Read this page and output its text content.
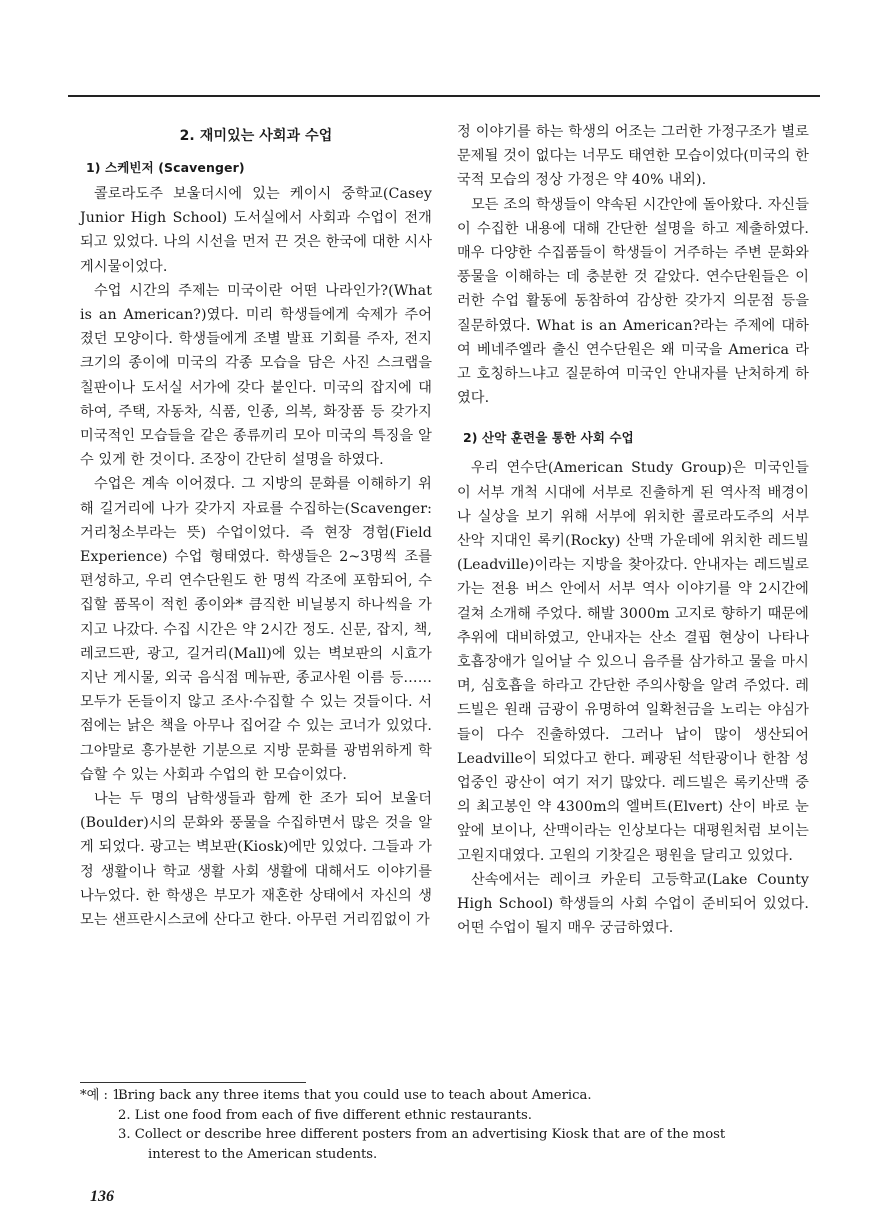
2. 재미있는 사회과 수업
1) 스케빈저 (Scavenger)

콜로라도주 보울더시에 있는 케이시 중학교(Casey Junior High School) 도서실에서 사회과 수업이 전개되고 있었다. 나의 시선을 먼저 끈 것은 한국에 대한 시사 게시물이었다.

수업 시간의 주제는 미국이란 어떤 나라인가?(What is an American?)였다. 미리 학생들에게 숙제가 주어졌던 모양이다. 학생들에게 조별 발표 기회를 주자, 전지 크기의 종이에 미국의 각종 모습을 담은 사진 스크랩을 칠판이나 도서실 서가에 갖다 붙인다. 미국의 잡지에 대하여, 주택, 자동차, 식품, 인종, 의복, 화장품 등 갖가지 미국적인 모습들을 같은 종류끼리 모아 미국의 특징을 알 수 있게 한 것이다. 조장이 간단히 설명을 하였다.

수업은 계속 이어졌다. 그 지방의 문화를 이해하기 위해 길거리에 나가 갖가지 자료를 수집하는(Scavenger:거리청소부라는 뜻) 수업이었다. 즉 현장 경험(Field Experience) 수업 형태였다. 학생들은 2~3명씩 조를 편성하고, 우리 연수단원도 한 명씩 각조에 포함되어, 수집할 품목이 적힌 종이와* 큼직한 비닐봉지 하나씩을 가지고 나갔다. 수집 시간은 약 2시간 정도. 신문, 잡지, 책, 레코드판, 광고, 길거리(Mall)에 있는 벽보판의 시효가 지난 게시물, 외국 음식점 메뉴판, 종교사원 이름 등…… 모두가 돈들이지 않고 조사·수집할 수 있는 것들이다. 서점에는 낡은 책을 아무나 집어갈 수 있는 코너가 있었다. 그야말로 흥가분한 기분으로 지방 문화를 광범위하게 학습할 수 있는 사회과 수업의 한 모습이었다.

나는 두 명의 남학생들과 함께 한 조가 되어 보울더(Boulder)시의 문화와 풍물을 수집하면서 많은 것을 알게 되었다. 광고는 벽보판(Kiosk)에만 있었다. 그들과 가정 생활이나 학교 생활 사회 생활에 대해서도 이야기를 나누었다. 한 학생은 부모가 재혼한 상태에서 자신의 생모는 샌프란시스코에 산다고 한다. 아무런 거리낌없이 가

정 이야기를 하는 학생의 어조는 그러한 가정구조가 별로 문제될 것이 없다는 너무도 태연한 모습이었다(미국의 한국적 모습의 정상 가정은 약 40% 내외).

모든 조의 학생들이 약속된 시간안에 돌아왔다. 자신들이 수집한 내용에 대해 간단한 설명을 하고 제출하였다. 매우 다양한 수집품들이 학생들이 거주하는 주변 문화와 풍물을 이해하는 데 충분한 것 같았다. 연수단원들은 이러한 수업 활동에 동참하여 감상한 갖가지 의문점 등을 질문하였다. What is an American?라는 주제에 대하여 베네주엘라 출신 연수단원은 왜 미국을 America 라고 호칭하느냐고 질문하여 미국인 안내자를 난처하게 하였다.

2) 산악 훈련을 통한 사회 수업

우리 연수단(American Study Group)은 미국인들이 서부 개척 시대에 서부로 진출하게 된 역사적 배경이나 실상을 보기 위해 서부에 위치한 콜로라도주의 서부 산악 지대인 록키(Rocky) 산맥 가운데에 위치한 레드빌(Leadville)이라는 지방을 찾아갔다. 안내자는 레드빌로 가는 전용 버스 안에서 서부 역사 이야기를 약 2시간에 걸쳐 소개해 주었다. 해발 3000m 고지로 향하기 때문에 추위에 대비하였고, 안내자는 산소 결핍 현상이 나타나 호흡장애가 일어날 수 있으니 음주를 삼가하고 물을 마시며, 심호흡을 하라고 간단한 주의사항을 알려 주었다. 레드빌은 원래 금광이 유명하여 일확천금을 노리는 야심가들이 다수 진출하였다. 그러나 납이 많이 생산되어 Leadville이 되었다고 한다. 폐광된 석탄광이나 한참 성업중인 광산이 여기 저기 많았다. 레드빌은 록키산맥 중의 최고봉인 약 4300m의 엘버트(Elvert) 산이 바로 눈앞에 보이나, 산맥이라는 인상보다는 대평원처럼 보이는 고원지대였다. 고원의 기찻길은 평원을 달리고 있었다.

산속에서는 레이크 카운티 고등학교(Lake County High School) 학생들의 사회 수업이 준비되어 있었다. 어떤 수업이 될지 매우 궁금하였다.

*예 : 1.Bring back any three items that you could use to teach about America.
2. List one food from each of five different ethnic restaurants.
3. Collect or describe hree different posters from an advertising Kiosk that are of the most
interest to the American students.
136
